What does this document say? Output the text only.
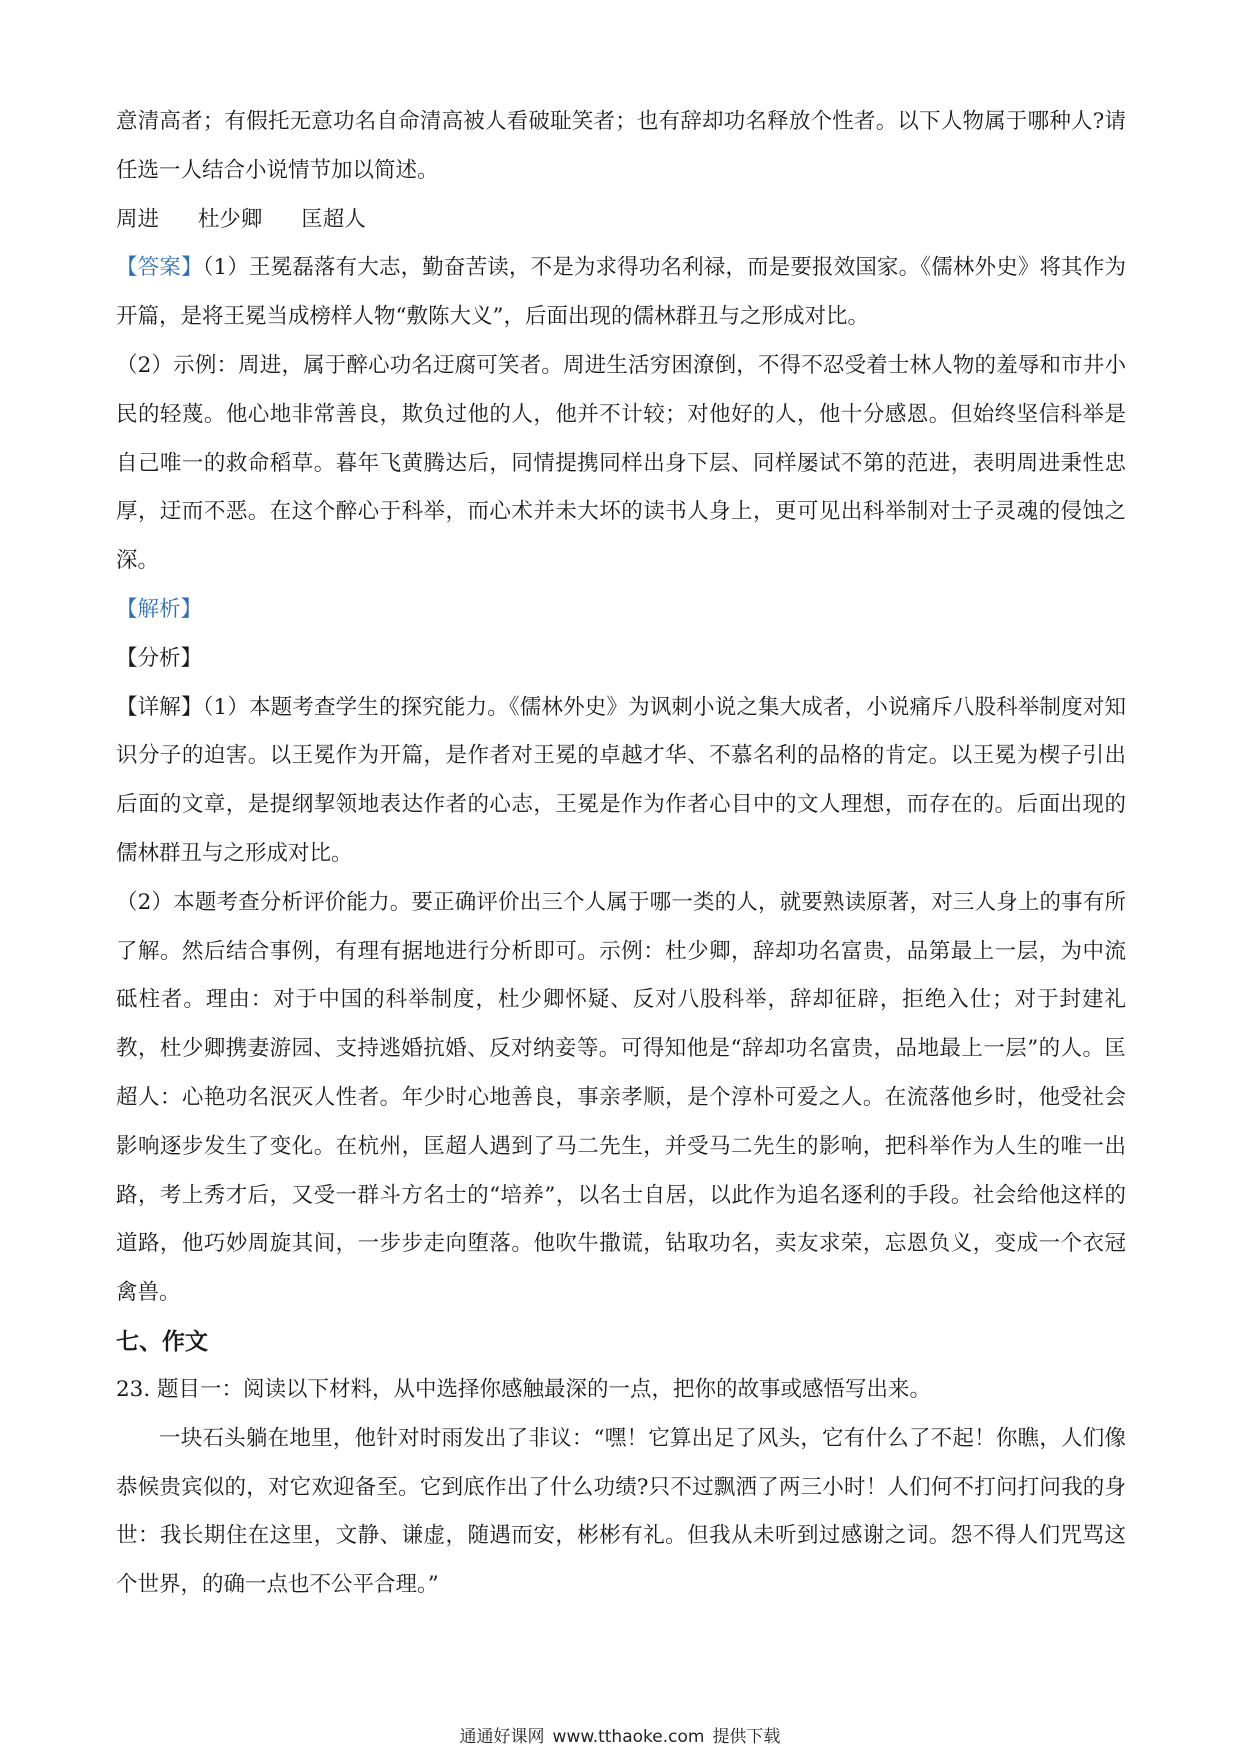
意清高者；有假托无意功名自命清高被人看破耻笑者；也有辞却功名释放个性者。以下人物属于哪种人?请任选一人结合小说情节加以简述。

周进 杜少卿 匡超人

【答案】（1）王冕磊落有大志，勤奋苦读，不是为求得功名利禄，而是要报效国家。《儒林外史》将其作为开篇，是将王冕当成榜样人物“敷陈大义”，后面出现的儒林群丑与之形成对比。

（2）示例：周进，属于醉心功名迂腐可笑者。周进生活穷困潦倒，不得不忍受着士林人物的羞辱和市井小民的轻蔑。他心地非常善良，欺负过他的人，他并不计较；对他好的人，他十分感恩。但始终坚信科举是自己唯一的救命稻草。暮年飞黄腾达后，同情提携同样出身下层、同样屡试不第的范进，表明周进秉性忠厚，迂而不恶。在这个醉心于科举，而心术并未大坏的读书人身上，更可见出科举制对士子灵魂的侵蚀之深。

【解析】

【分析】

【详解】（1）本题考查学生的探究能力。《儒林外史》为讽刺小说之集大成者，小说痛斥八股科举制度对知识分子的迫害。以王冕作为开篇，是作者对王冕的卓越才华、不慕名利的品格的肯定。以王冕为楔子引出后面的文章，是提纲挈领地表达作者的心志，王冕是作为作者心目中的文人理想，而存在的。后面出现的儒林群丑与之形成对比。

（2）本题考查分析评价能力。要正确评价出三个人属于哪一类的人，就要熟读原著，对三人身上的事有所了解。然后结合事例，有理有据地进行分析即可。示例：杜少卿，辞却功名富贵，品第最上一层，为中流砥柱者。理由：对于中国的科举制度，杜少卿怀疑、反对八股科举，辞却征辟，拒绝入仕；对于封建礼教，杜少卿携妻游园、支持逃婚抗婚、反对纳妾等。可得知他是“辞却功名富贵，品地最上一层”的人。匡超人：心艳功名泯灭人性者。年少时心地善良，事亲孝顺，是个淳朴可爱之人。在流落他乡时，他受社会影响逐步发生了变化。在杭州，匡超人遇到了马二先生，并受马二先生的影响，把科举作为人生的唯一出路，考上秀才后，又受一群斗方名士的“培养”，以名士自居，以此作为追名逐利的手段。社会给他这样的道路，他巧妙周旋其间，一步步走向堕落。他吹牛撒谎，钻取功名，卖友求荣，忘恩负义，变成一个衣冠禽兽。

七、作文

23. 题目一：阅读以下材料，从中选择你感触最深的一点，把你的故事或感悟写出来。

一块石头躺在地里，他针对时雨发出了非议：“嘿！它算出足了风头，它有什么了不起！你瞧，人们像恭候贵宾似的，对它欢迎备至。它到底作出了什么功绩?只不过飘洒了两三小时！人们何不打问打问我的身世：我长期住在这里，文静、谦虚，随遇而安，彬彬有礼。但我从未听到过感谢之词。怨不得人们咒骂这个世界，的确一点也不公平合理。”

通通好课网 www.tthaoke.com 提供下载
